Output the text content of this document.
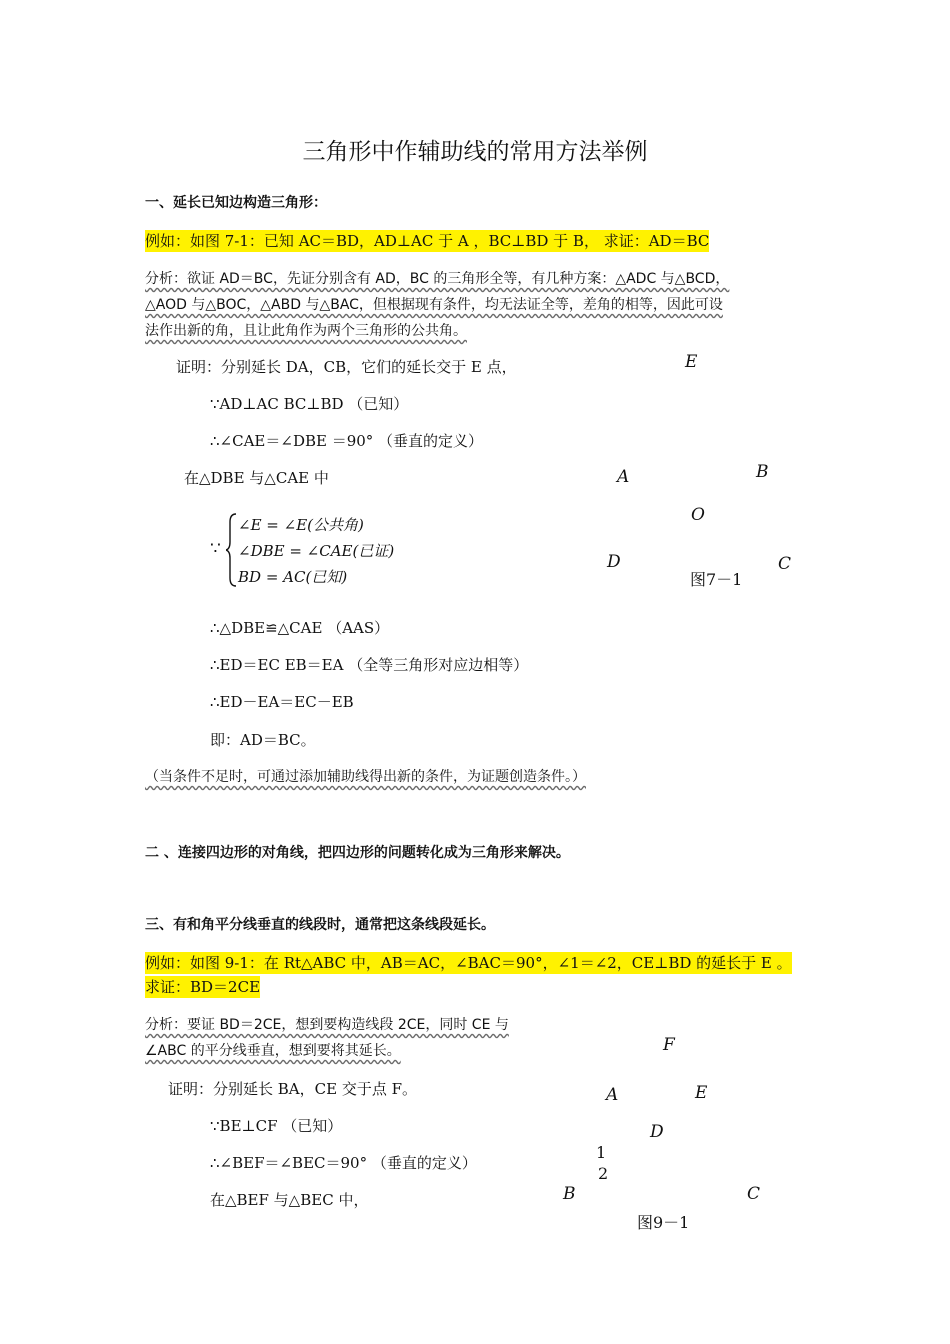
三角形中作辅助线的常用方法举例
一、延长已知边构造三角形：
例如：如图 7-1：已知 AC＝BD，AD⊥AC 于 A ，BC⊥BD 于 B， 求证：AD＝BC
分析：欲证 AD＝BC，先证分别含有 AD，BC 的三角形全等，有几种方案：△ADC 与△BCD，
△AOD 与△BOC，△ABD 与△BAC，但根据现有条件，均无法证全等，差角的相等，因此可设
法作出新的角，且让此角作为两个三角形的公共角。
证明：分别延长 DA，CB，它们的延长交于 E 点，
∵AD⊥AC BC⊥BD （已知）
∴∠CAE＝∠DBE ＝90° （垂直的定义）
在△DBE 与△CAE 中
∵
∠E = ∠E(公共角)
∠DBE = ∠CAE(已证)
BD = AC(已知)
∴△DBE≌△CAE （AAS）
∴ED＝EC EB＝EA （全等三角形对应边相等）
∴ED－EA＝EC－EB
即：AD＝BC。
（当条件不足时，可通过添加辅助线得出新的条件，为证题创造条件。）
E
A	B
O
D	C
图7－1
二 、连接四边形的对角线，把四边形的问题转化成为三角形来解决。
三、有和角平分线垂直的线段时，通常把这条线段延长。
例如：如图 9-1：在 Rt△ABC 中，AB＝AC，∠BAC＝90°，∠1＝∠2，CE⊥BD 的延长于 E 。
求证：BD＝2CE
分析：要证 BD＝2CE，想到要构造线段 2CE，同时 CE 与
∠ABC 的平分线垂直，想到要将其延长。
证明：分别延长 BA，CE 交于点 F。
∵BE⊥CF （已知）
∴∠BEF＝∠BEC＝90° （垂直的定义）
在△BEF 与△BEC 中，
F
A	E
D
1
2
B	C
图9－1
